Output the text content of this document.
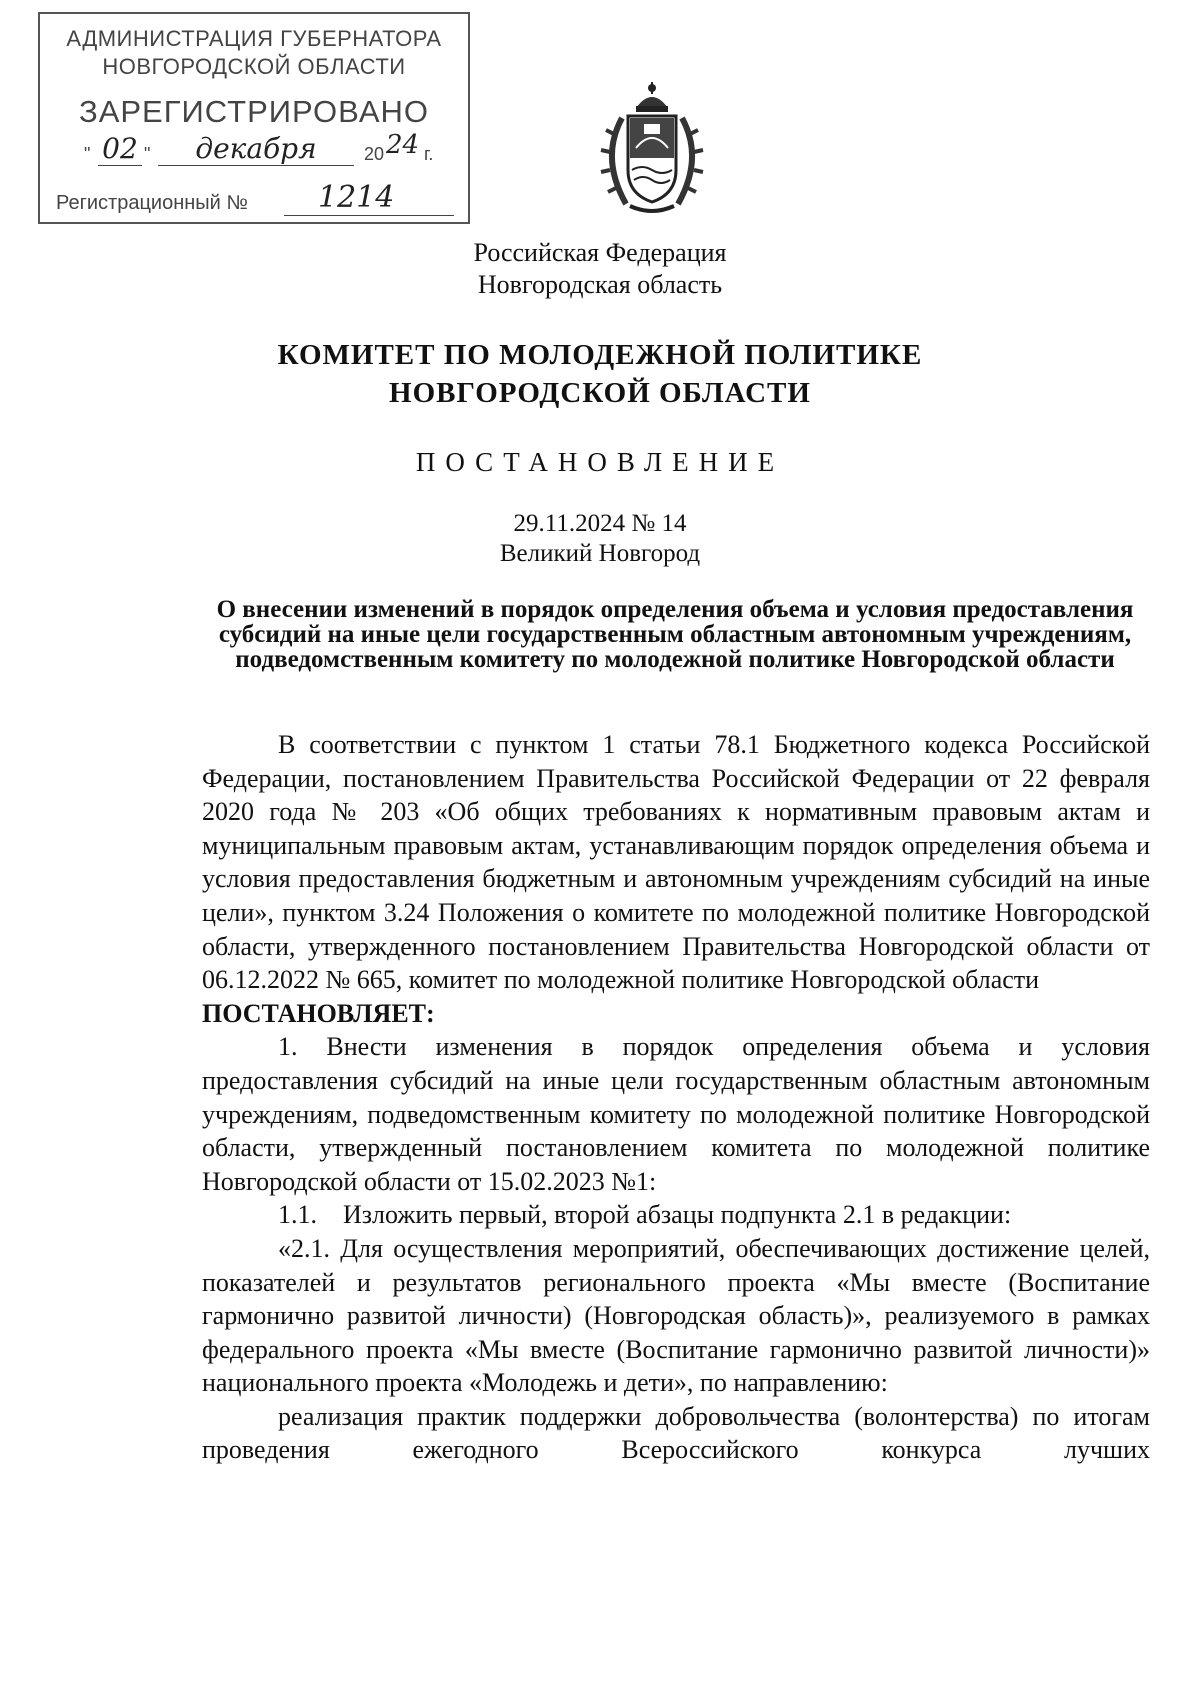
АДМИНИСТРАЦИЯ ГУБЕРНАТОРА
НОВГОРОДСКОЙ ОБЛАСТИ
ЗАРЕГИСТРИРОВАНО
" 02 "	декабря	20 24 г.
Регистрационный №	1214
Российская Федерация
Новгородская область
КОМИТЕТ ПО МОЛОДЕЖНОЙ ПОЛИТИКЕ
НОВГОРОДСКОЙ ОБЛАСТИ
ПОСТАНОВЛЕНИЕ
29.11.2024 № 14
Великий Новгород
О внесении изменений в порядок определения объема и условия предоставления субсидий на иные цели государственным областным автономным учреждениям, подведомственным комитету по молодежной политике Новгородской области

В соответствии с пунктом 1 статьи 78.1 Бюджетного кодекса Российской Федерации, постановлением Правительства Российской Федерации от 22 февраля 2020 года № 203 «Об общих требованиях к нормативным правовым актам и муниципальным правовым актам, устанавливающим порядок определения объема и условия предоставления бюджетным и автономным учреждениям субсидий на иные цели», пунктом 3.24 Положения о комитете по молодежной политике Новгородской области, утвержденного постановлением Правительства Новгородской области от 06.12.2022 № 665, комитет по молодежной политике Новгородской области

ПОСТАНОВЛЯЕТ:

1. Внести изменения в порядок определения объема и условия предоставления субсидий на иные цели государственным областным автономным учреждениям, подведомственным комитету по молодежной политике Новгородской области, утвержденный постановлением комитета по молодежной политике Новгородской области от 15.02.2023 №1:

1.1.    Изложить первый, второй абзацы подпункта 2.1 в редакции:

«2.1. Для осуществления мероприятий, обеспечивающих достижение целей, показателей и результатов регионального проекта «Мы вместе (Воспитание гармонично развитой личности) (Новгородская область)», реализуемого в рамках федерального проекта «Мы вместе (Воспитание гармонично развитой личности)» национального проекта «Молодежь и дети», по направлению:

реализация практик поддержки добровольчества (волонтерства) по итогам проведения ежегодного Всероссийского конкурса лучших
